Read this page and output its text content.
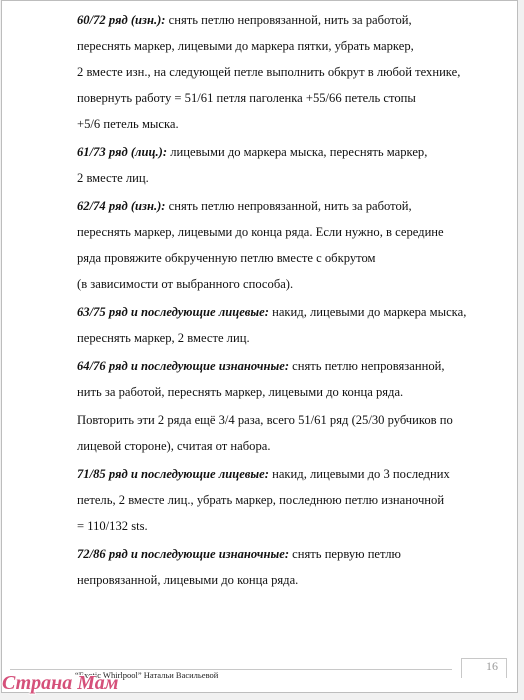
60/72 ряд (изн.): снять петлю непровязанной, нить за работой,
переснять маркер, лицевыми до маркера пятки, убрать маркер,
2 вместе изн., на следующей петле выполнить обкрут в любой технике,
повернуть работу = 51/61 петля паголенка +55/66 петель стопы
+5/6 петель мыска.
61/73 ряд (лиц.): лицевыми до маркера мыска, переснять маркер,
2 вместе лиц.
62/74 ряд (изн.): снять петлю непровязанной, нить за работой,
переснять маркер, лицевыми до конца ряда. Если нужно, в середине
ряда провяжите обкрученную петлю вместе с обкрутом
(в зависимости от выбранного способа).
63/75 ряд и последующие лицевые: накид, лицевыми до маркера мыска,
переснять маркер, 2 вместе лиц.
64/76 ряд и последующие изнаночные: снять петлю непровязанной,
нить за работой, переснять маркер, лицевыми до конца ряда.
Повторить эти 2 ряда ещё 3/4 раза, всего 51/61 ряд (25/30 рубчиков по
лицевой стороне), считая от набора.
71/85 ряд и последующие лицевые: накид, лицевыми до 3 последних
петель, 2 вместе лиц., убрать маркер, последнюю петлю изнаночной
= 110/132 sts.
72/86 ряд и последующие изнаночные: снять первую петлю
непровязанной, лицевыми до конца ряда.
16
“Exotic Whirlpool” Натальи Васильевой
Страна Мам
